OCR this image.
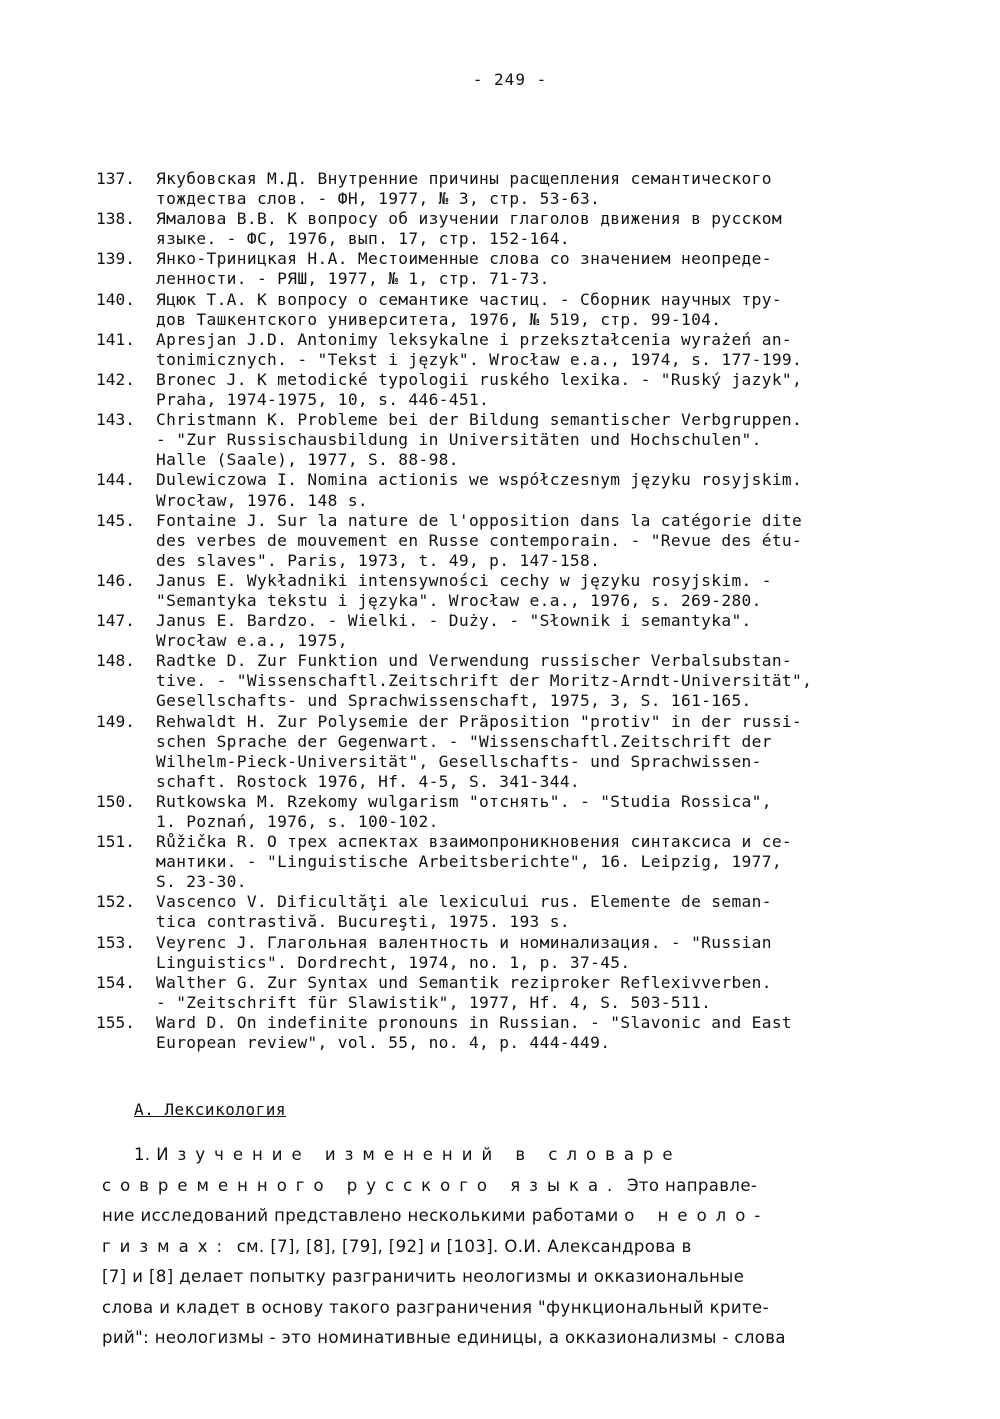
- 249 -
137.	Якубовская М.Д. Внутренние причины расщепления семантического
тождества слов. - ФН, 1977, № 3, стр. 53-63.
138.	Ямалова В.В. К вопросу об изучении глаголов движения в русском
языке. - ФС, 1976, вып. 17, стр. 152-164.
139.	Янко-Триницкая Н.А. Местоименные слова со значением неопреде-
ленности. - РЯШ, 1977, № 1, стр. 71-73.
140.	Яцюк Т.А. К вопросу о семантике частиц. - Сборник научных тру-
дов Ташкентского университета, 1976, № 519, стр. 99-104.
141.	Apresjan J.D. Antonimy leksykalne i przekształcenia wyrażeń an-
tonimicznych. - "Tekst i język". Wrocław e.a., 1974, s. 177-199.
142.	Bronec J. K metodické typologii ruského lexika. - "Ruský jazyk",
Praha, 1974-1975, 10, s. 446-451.
143.	Christmann K. Probleme bei der Bildung semantischer Verbgruppen.
- "Zur Russischausbildung in Universitäten und Hochschulen".
Halle (Saale), 1977, S. 88-98.
144.	Dulewiczowa I. Nomina actionis we współczesnym języku rosyjskim.
Wrocław, 1976. 148 s.
145.	Fontaine J. Sur la nature de l'opposition dans la catégorie dite
des verbes de mouvement en Russe contemporain. - "Revue des étu-
des slaves". Paris, 1973, t. 49, p. 147-158.
146.	Janus E. Wykładniki intensywności cechy w języku rosyjskim. -
"Semantyka tekstu i języka". Wrocław e.a., 1976, s. 269-280.
147.	Janus E. Bardzo. - Wielki. - Duży. - "Słownik i semantyka".
Wrocław e.a., 1975,
148.	Radtke D. Zur Funktion und Verwendung russischer Verbalsubstan-
tive. - "Wissenschaftl.Zeitschrift der Moritz-Arndt-Universität",
Gesellschafts- und Sprachwissenschaft, 1975, 3, S. 161-165.
149.	Rehwaldt H. Zur Polysemie der Präposition "protiv" in der russi-
schen Sprache der Gegenwart. - "Wissenschaftl.Zeitschrift der
Wilhelm-Pieck-Universität", Gesellschafts- und Sprachwissen-
schaft. Rostock 1976, Hf. 4-5, S. 341-344.
150.	Rutkowska M. Rzekomy wulgarism "отснять". - "Studia Rossica",
1. Poznań, 1976, s. 100-102.
151.	Růžička R. О трех аспектах взаимопроникновения синтаксиса и се-
мантики. - "Linguistische Arbeitsberichte", 16. Leipzig, 1977,
S. 23-30.
152.	Vascenco V. Dificultăţi ale lexicului rus. Elemente de seman-
tica contrastivă. Bucureşti, 1975. 193 s.
153.	Veyrenc J. Глагольная валентность и номинализация. - "Russian
Linguistics". Dordrecht, 1974, no. 1, p. 37-45.
154.	Walther G. Zur Syntax und Semantik reziproker Reflexivverben.
- "Zeitschrift für Slawistik", 1977, Hf. 4, S. 503-511.
155.	Ward D. On indefinite pronouns in Russian. - "Slavonic and East
European review", vol. 55, no. 4, p. 444-449.
А. Лексикология

1. Изучение изменений в словаре
современного русского языка. Это направле-
ние исследований представлено несколькими работами о неоло-
гизмах: см. [7], [8], [79], [92] и [103]. О.И. Александрова в
[7] и [8] делает попытку разграничить неологизмы и окказиональные
слова и кладет в основу такого разграничения "функциональный крите-
рий": неологизмы - это номинативные единицы, а окказионализмы - слова
